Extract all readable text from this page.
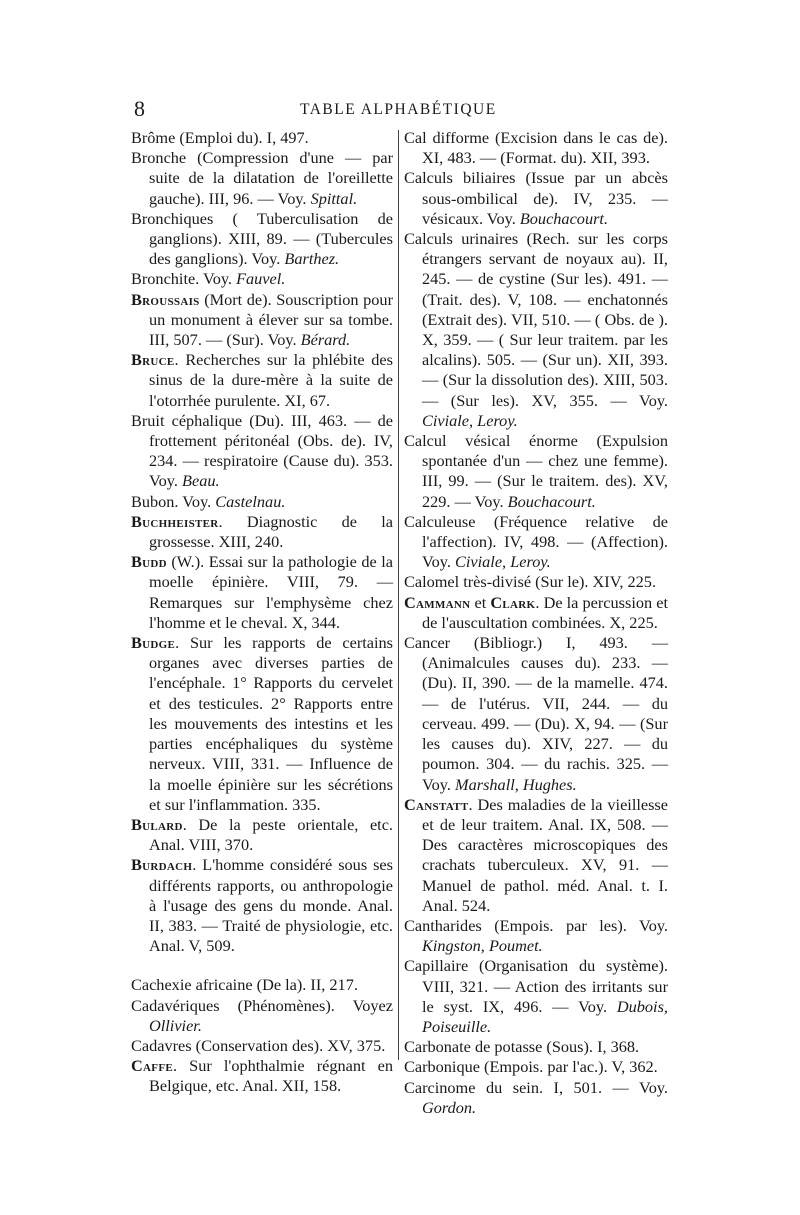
8	TABLE ALPHABÉTIQUE

Brôme (Emploi du). I, 497.

Bronche (Compression d'une — par suite de la dilatation de l'oreillette gauche). III, 96. — Voy. Spittal.

Bronchiques ( Tuberculisation de ganglions). XIII, 89. — (Tubercules des ganglions). Voy. Barthez.

Bronchite. Voy. Fauvel.

Broussais (Mort de). Souscription pour un monument à élever sur sa tombe. III, 507. — (Sur). Voy. Bérard.

Bruce. Recherches sur la phlébite des sinus de la dure-mère à la suite de l'otorrhée purulente. XI, 67.

Bruit céphalique (Du). III, 463. — de frottement péritonéal (Obs. de). IV, 234. — respiratoire (Cause du). 353. Voy. Beau.

Bubon. Voy. Castelnau.

Buchheister. Diagnostic de la grossesse. XIII, 240.

Budd (W.). Essai sur la pathologie de la moelle épinière. VIII, 79. — Remarques sur l'emphysème chez l'homme et le cheval. X, 344.

Budge. Sur les rapports de certains organes avec diverses parties de l'encéphale. 1° Rapports du cervelet et des testicules. 2° Rapports entre les mouvements des intestins et les parties encéphaliques du système nerveux. VIII, 331. — Influence de la moelle épinière sur les sécrétions et sur l'inflammation. 335.

Bulard. De la peste orientale, etc. Anal. VIII, 370.

Burdach. L'homme considéré sous ses différents rapports, ou anthropologie à l'usage des gens du monde. Anal. II, 383. — Traité de physiologie, etc. Anal. V, 509.

Cachexie africaine (De la). II, 217.

Cadavériques (Phénomènes). Voyez Ollivier.

Cadavres (Conservation des). XV, 375.

Caffe. Sur l'ophthalmie régnant en Belgique, etc. Anal. XII, 158.

Cal difforme (Excision dans le cas de). XI, 483. — (Format. du). XII, 393.

Calculs biliaires (Issue par un abcès sous-ombilical de). IV, 235. — vésicaux. Voy. Bouchacourt.

Calculs urinaires (Rech. sur les corps étrangers servant de noyaux au). II, 245. — de cystine (Sur les). 491. — (Trait. des). V, 108. — enchatonnés (Extrait des). VII, 510. — ( Obs. de ). X, 359. — ( Sur leur traitem. par les alcalins). 505. — (Sur un). XII, 393. — (Sur la dissolution des). XIII, 503. — (Sur les). XV, 355. — Voy. Civiale, Leroy.

Calcul vésical énorme (Expulsion spontanée d'un — chez une femme). III, 99. — (Sur le traitem. des). XV, 229. — Voy. Bouchacourt.

Calculeuse (Fréquence relative de l'affection). IV, 498. — (Affection). Voy. Civiale, Leroy.

Calomel très-divisé (Sur le). XIV, 225.

Cammann et Clark. De la percussion et de l'auscultation combinées. X, 225.

Cancer (Bibliogr.) I, 493. — (Animalcules causes du). 233. — (Du). II, 390. — de la mamelle. 474. — de l'utérus. VII, 244. — du cerveau. 499. — (Du). X, 94. — (Sur les causes du). XIV, 227. — du poumon. 304. — du rachis. 325. — Voy. Marshall, Hughes.

Canstatt. Des maladies de la vieillesse et de leur traitem. Anal. IX, 508. — Des caractères microscopiques des crachats tuberculeux. XV, 91. — Manuel de pathol. méd. Anal. t. I. Anal. 524.

Cantharides (Empois. par les). Voy. Kingston, Poumet.

Capillaire (Organisation du système). VIII, 321. — Action des irritants sur le syst. IX, 496. — Voy. Dubois, Poiseuille.

Carbonate de potasse (Sous). I, 368.

Carbonique (Empois. par l'ac.). V, 362.

Carcinome du sein. I, 501. — Voy. Gordon.
